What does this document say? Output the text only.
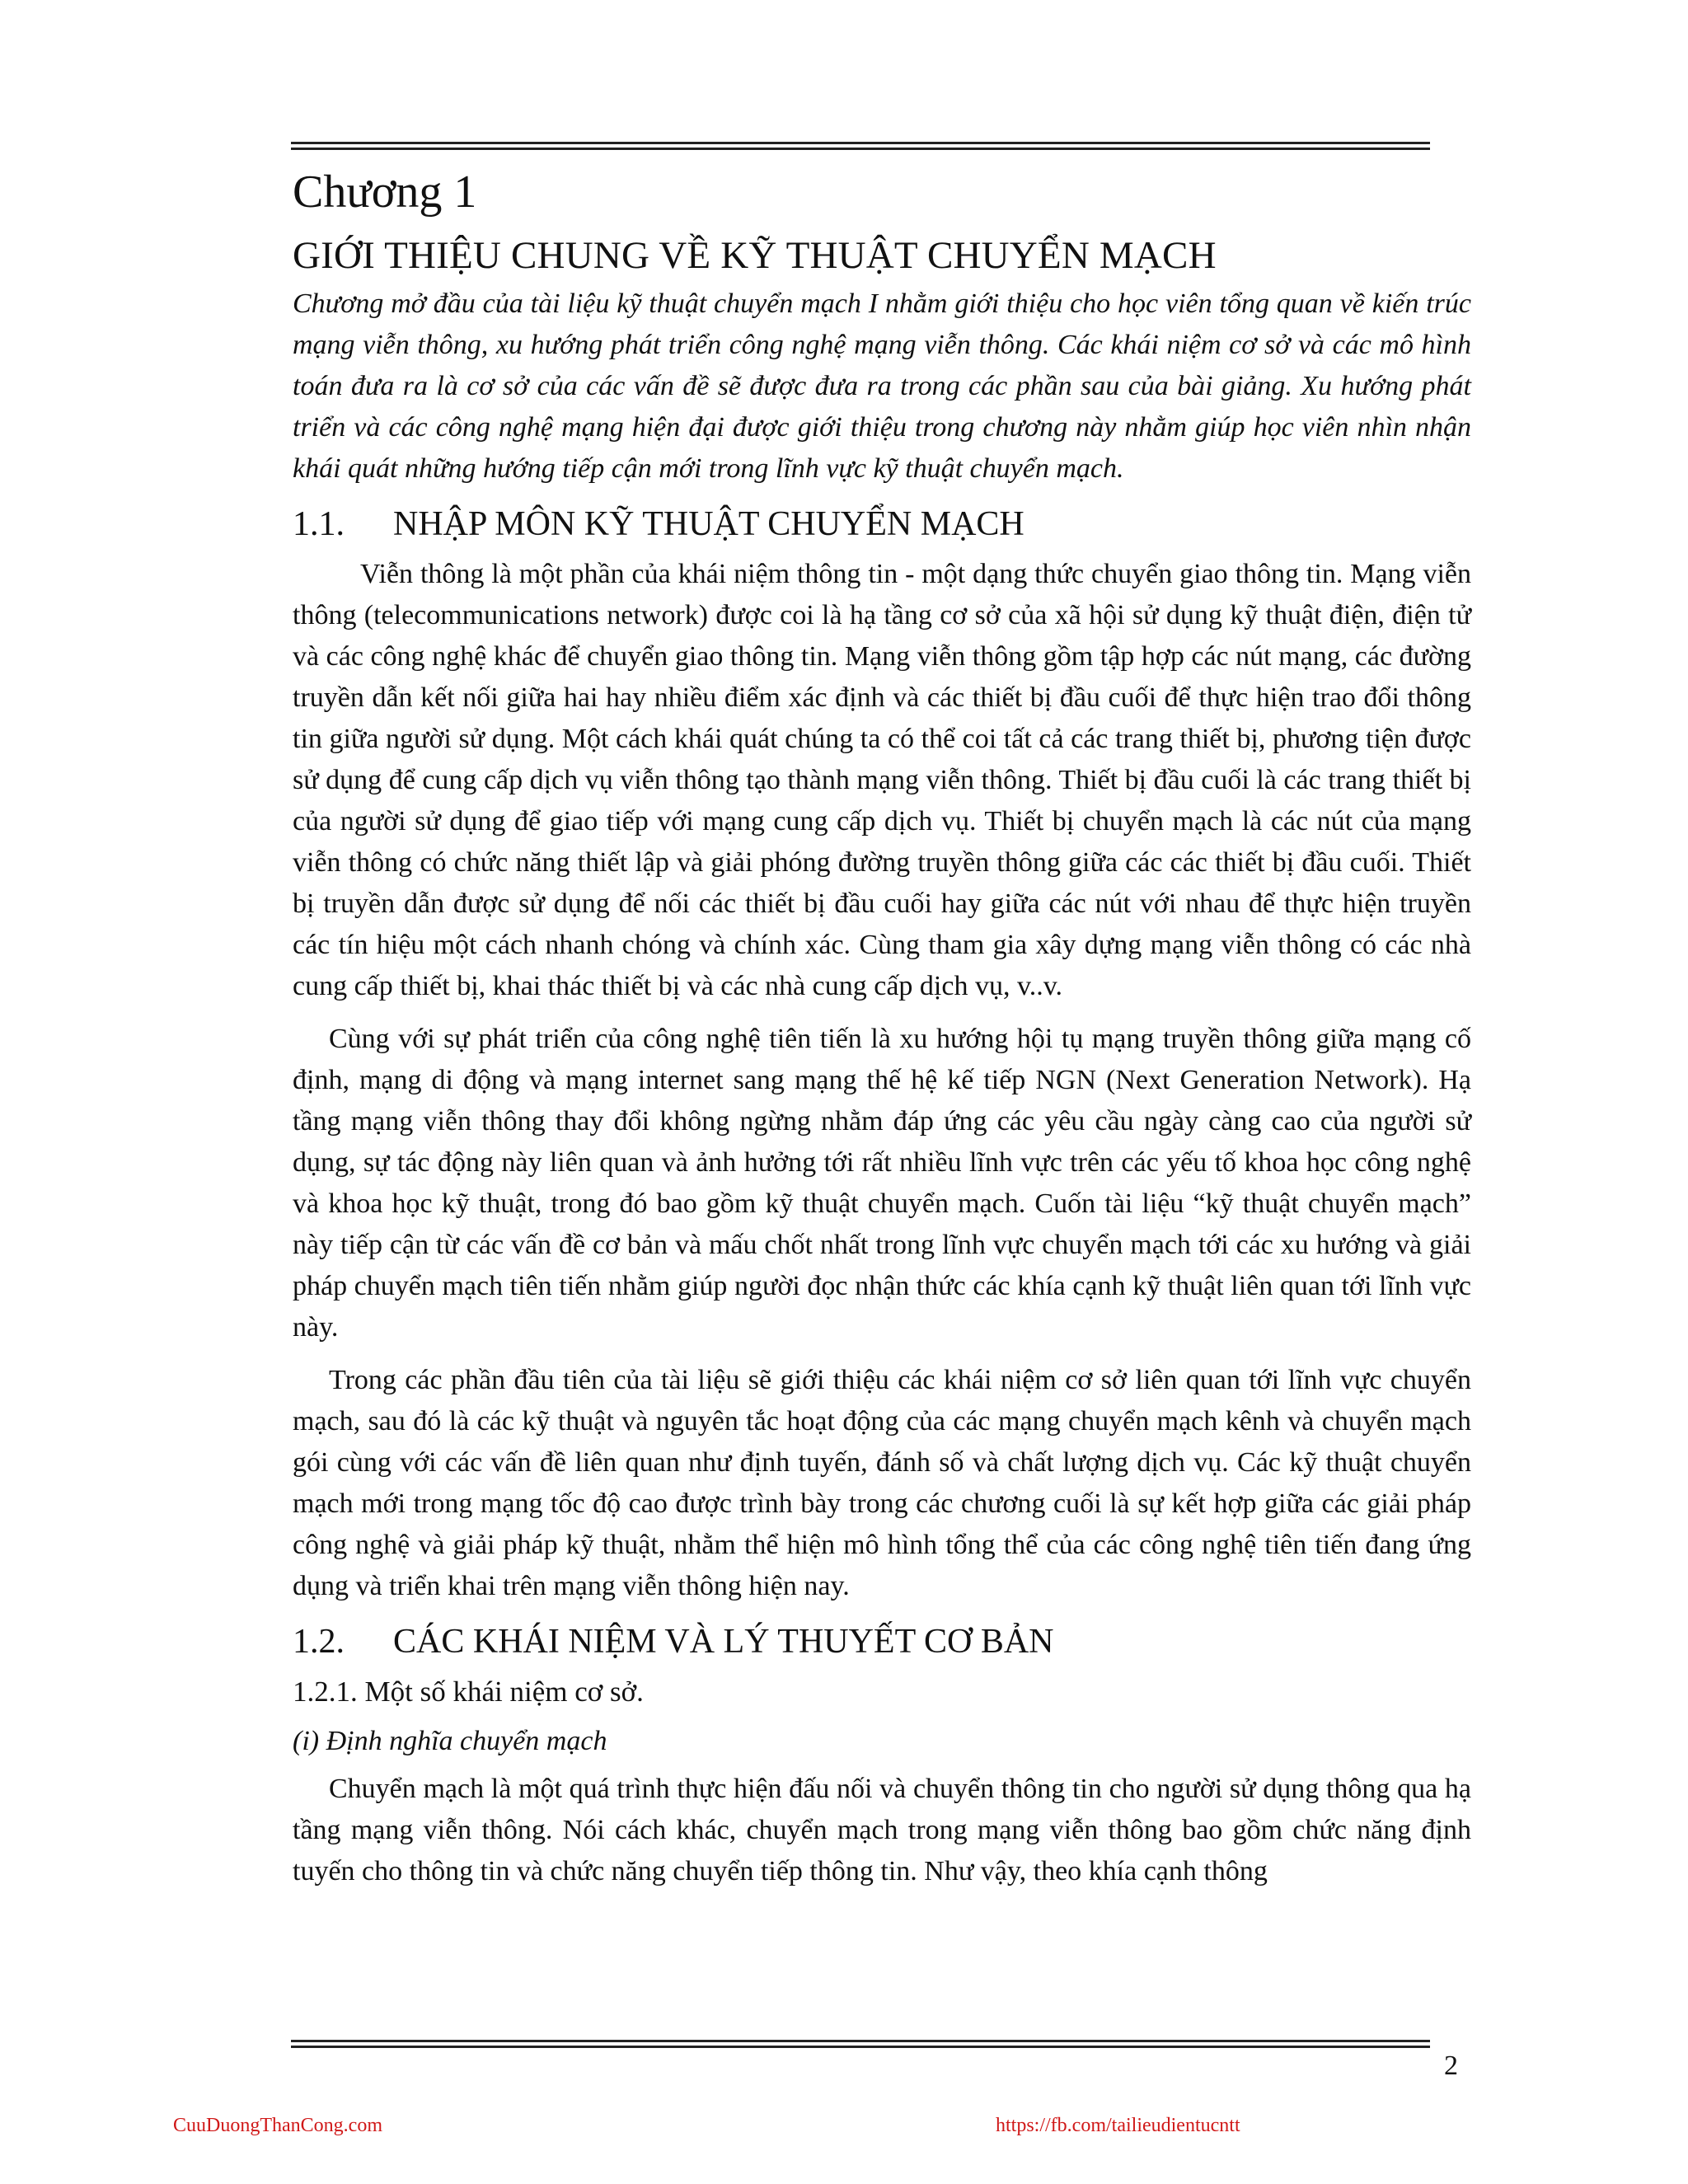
Chương 1
GIỚI THIỆU CHUNG VỀ KỸ THUẬT CHUYỂN MẠCH

Chương mở đầu của tài liệu kỹ thuật chuyển mạch I nhằm giới thiệu cho học viên tổng quan về kiến trúc mạng viễn thông, xu hướng phát triển công nghệ mạng viễn thông. Các khái niệm cơ sở và các mô hình toán đưa ra là cơ sở của các vấn đề sẽ được đưa ra trong các phần sau của bài giảng. Xu hướng phát triển và các công nghệ mạng hiện đại được giới thiệu trong chương này nhằm giúp học viên nhìn nhận khái quát những hướng tiếp cận mới trong lĩnh vực kỹ thuật chuyển mạch.

1.1.	NHẬP MÔN KỸ THUẬT CHUYỂN MẠCH

Viễn thông là một phần của khái niệm thông tin - một dạng thức chuyển giao thông tin. Mạng viễn thông (telecommunications network) được coi là hạ tầng cơ sở của xã hội sử dụng kỹ thuật điện, điện tử và các công nghệ khác để chuyển giao thông tin. Mạng viễn thông gồm tập hợp các nút mạng, các đường truyền dẫn kết nối giữa hai hay nhiều điểm xác định và các thiết bị đầu cuối để thực hiện trao đổi thông tin giữa người sử dụng. Một cách khái quát chúng ta có thể coi tất cả các trang thiết bị, phương tiện được sử dụng để cung cấp dịch vụ viễn thông tạo thành mạng viễn thông. Thiết bị đầu cuối là các trang thiết bị của người sử dụng để giao tiếp với mạng cung cấp dịch vụ. Thiết bị chuyển mạch là các nút của mạng viễn thông có chức năng thiết lập và giải phóng đường truyền thông giữa các các thiết bị đầu cuối. Thiết bị truyền dẫn được sử dụng để nối các thiết bị đầu cuối hay giữa các nút với nhau để thực hiện truyền các tín hiệu một cách nhanh chóng và chính xác. Cùng tham gia xây dựng mạng viễn thông có các nhà cung cấp thiết bị, khai thác thiết bị và các nhà cung cấp dịch vụ, v..v.

Cùng với sự phát triển của công nghệ tiên tiến là xu hướng hội tụ mạng truyền thông giữa mạng cố định, mạng di động và mạng internet sang mạng thế hệ kế tiếp NGN (Next Generation Network). Hạ tầng mạng viễn thông thay đổi không ngừng nhằm đáp ứng các yêu cầu ngày càng cao của người sử dụng, sự tác động này liên quan và ảnh hưởng tới rất nhiều lĩnh vực trên các yếu tố khoa học công nghệ và khoa học kỹ thuật, trong đó bao gồm kỹ thuật chuyển mạch. Cuốn tài liệu “kỹ thuật chuyển mạch” này tiếp cận từ các vấn đề cơ bản và mấu chốt nhất trong lĩnh vực chuyển mạch tới các xu hướng và giải pháp chuyển mạch tiên tiến nhằm giúp người đọc nhận thức các khía cạnh kỹ thuật liên quan tới lĩnh vực này.

Trong các phần đầu tiên của tài liệu sẽ giới thiệu các khái niệm cơ sở liên quan tới lĩnh vực chuyển mạch, sau đó là các kỹ thuật và nguyên tắc hoạt động của các mạng chuyển mạch kênh và chuyển mạch gói cùng với các vấn đề liên quan như định tuyến, đánh số và chất lượng dịch vụ. Các kỹ thuật chuyển mạch mới trong mạng tốc độ cao được trình bày trong các chương cuối là sự kết hợp giữa các giải pháp công nghệ và giải pháp kỹ thuật, nhằm thể hiện mô hình tổng thể của các công nghệ tiên tiến đang ứng dụng và triển khai trên mạng viễn thông hiện nay.

1.2.	CÁC KHÁI NIỆM VÀ LÝ THUYẾT CƠ BẢN
1.2.1. Một số khái niệm cơ sở.
(i) Định nghĩa chuyển mạch

Chuyển mạch là một quá trình thực hiện đấu nối và chuyển thông tin cho người sử dụng thông qua hạ tầng mạng viễn thông. Nói cách khác, chuyển mạch trong mạng viễn thông bao gồm chức năng định tuyến cho thông tin và chức năng chuyển tiếp thông tin. Như vậy, theo khía cạnh thông

2
CuuDuongThanCong.com	https://fb.com/tailieudientucntt
